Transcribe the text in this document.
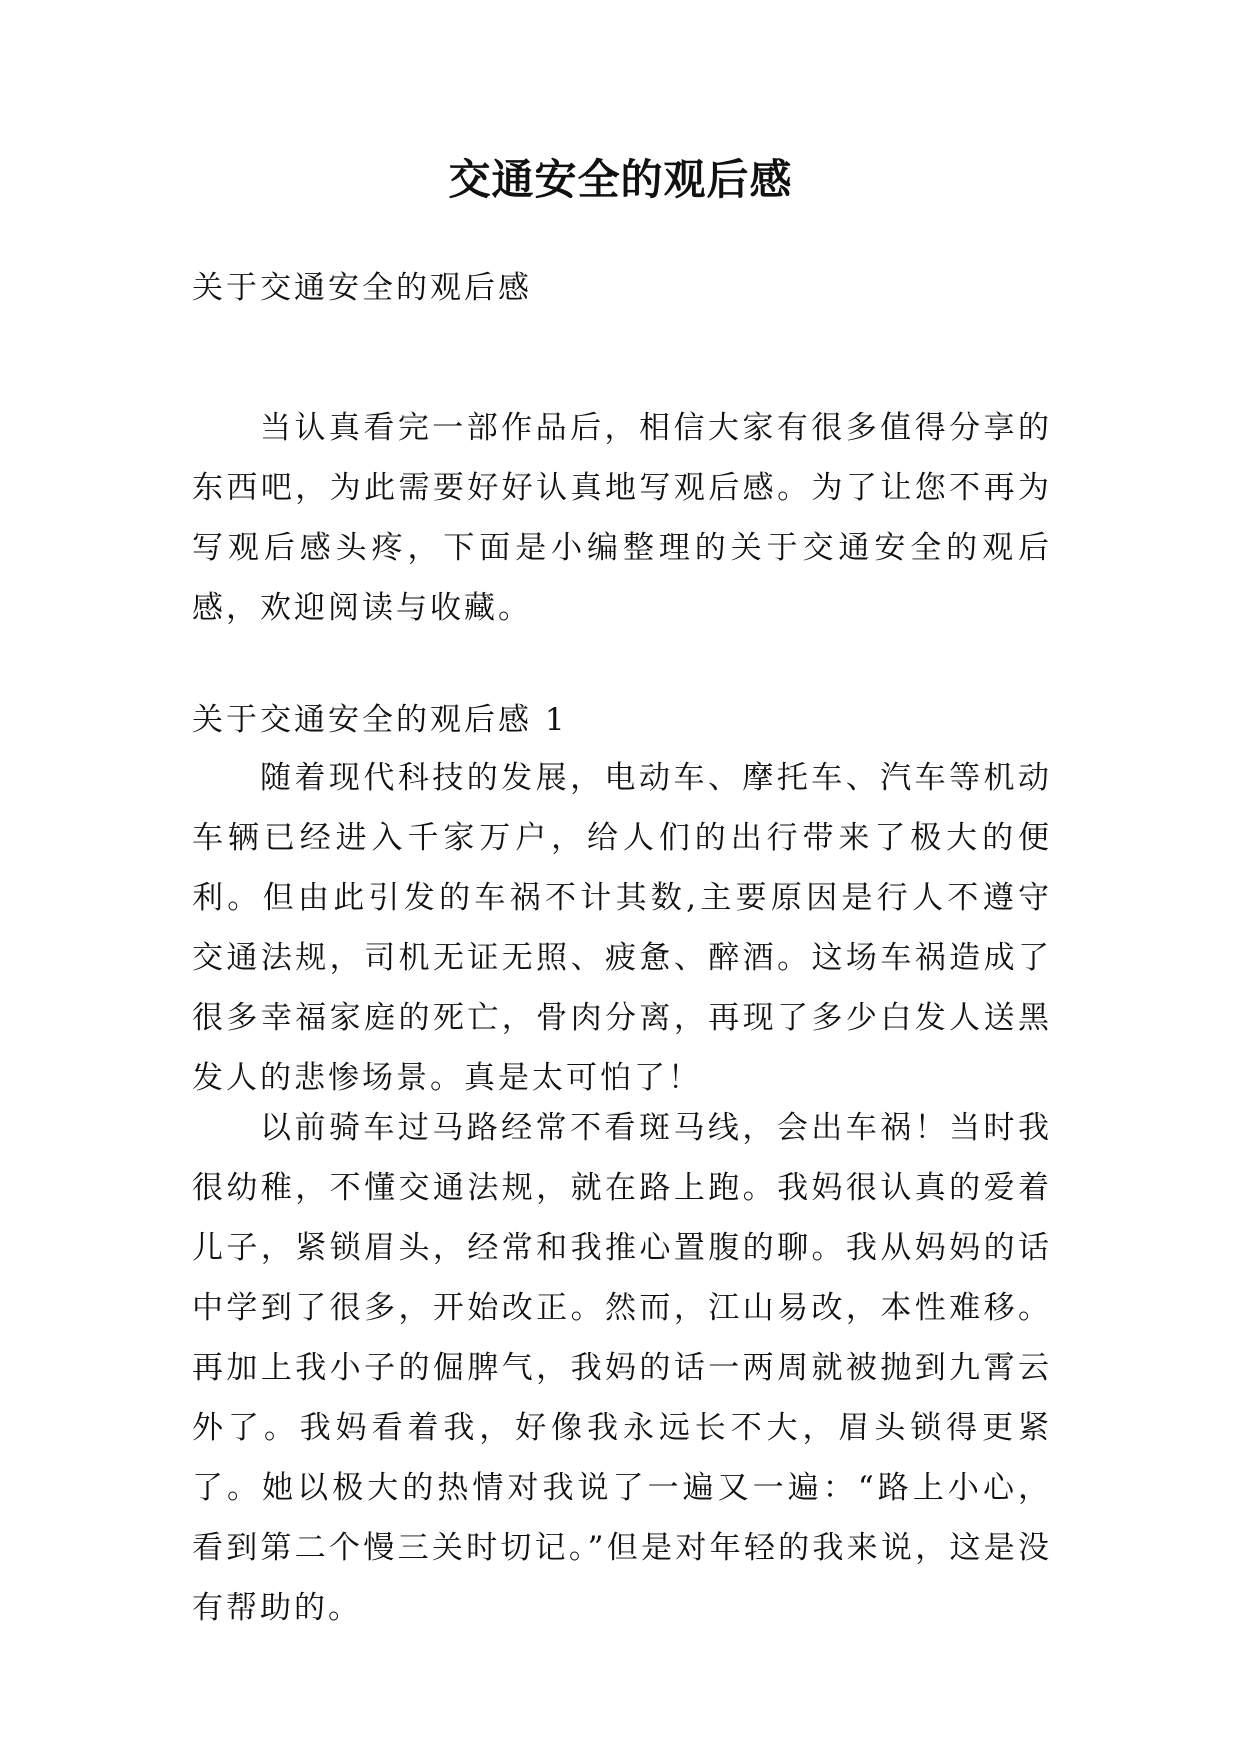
交通安全的观后感

关于交通安全的观后感

当认真看完一部作品后，相信大家有很多值得分享的东西吧，为此需要好好认真地写观后感。为了让您不再为写观后感头疼，下面是小编整理的关于交通安全的观后感，欢迎阅读与收藏。

关于交通安全的观后感 1

随着现代科技的发展，电动车、摩托车、汽车等机动车辆已经进入千家万户，给人们的出行带来了极大的便利。但由此引发的车祸不计其数,主要原因是行人不遵守交通法规，司机无证无照、疲惫、醉酒。这场车祸造成了很多幸福家庭的死亡，骨肉分离，再现了多少白发人送黑发人的悲惨场景。真是太可怕了！

以前骑车过马路经常不看斑马线，会出车祸！当时我很幼稚，不懂交通法规，就在路上跑。我妈很认真的爱着儿子，紧锁眉头，经常和我推心置腹的聊。我从妈妈的话中学到了很多，开始改正。然而，江山易改，本性难移。再加上我小子的倔脾气，我妈的话一两周就被抛到九霄云外了。我妈看着我，好像我永远长不大，眉头锁得更紧了。她以极大的热情对我说了一遍又一遍：“路上小心，看到第二个慢三关时切记。”但是对年轻的我来说，这是没有帮助的。
